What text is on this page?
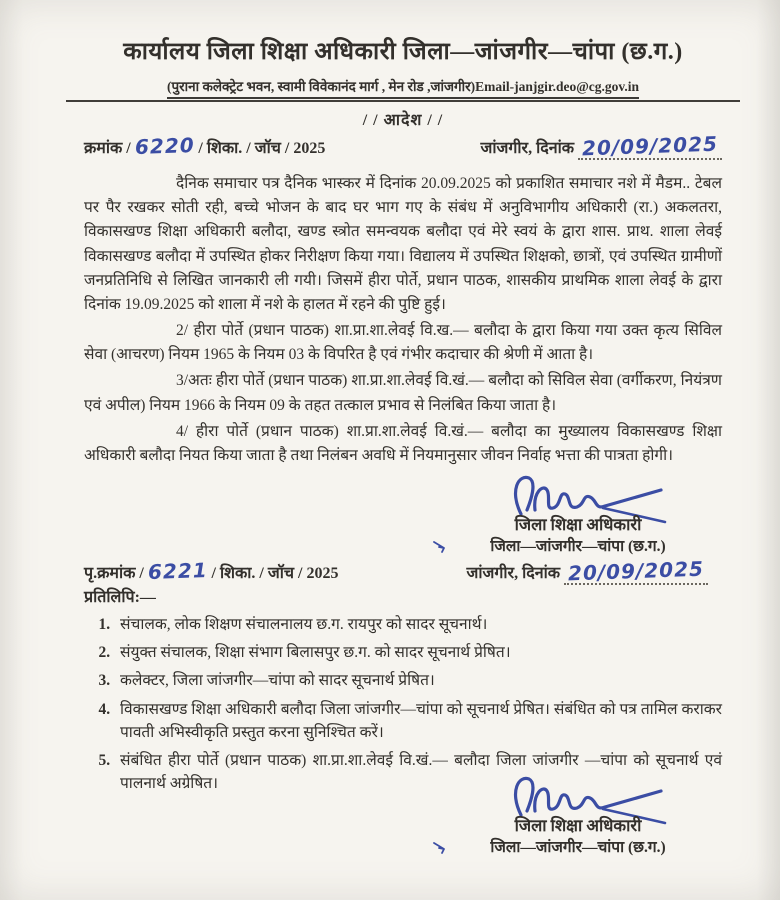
कार्यालय जिला शिक्षा अधिकारी जिला—जांजगीर—चांपा (छ.ग.)
(पुराना कलेक्ट्रेट भवन, स्वामी विवेकानंद मार्ग , मेन रोड ,जांजगीर)Email-janjgir.deo@cg.gov.in
/ / आदेश / /
क्रमांक / 6220 / शिका. / जॉच / 2025	जांजगीर, दिनांक 20/09/2025

दैनिक समाचार पत्र दैनिक भास्कर में दिनांक 20.09.2025 को प्रकाशित समाचार नशे में मैडम.. टेबल पर पैर रखकर सोती रही, बच्चे भोजन के बाद घर भाग गए के संबंध में अनुविभागीय अधिकारी (रा.) अकलतरा, विकासखण्ड शिक्षा अधिकारी बलौदा, खण्ड स्त्रोत समन्वयक बलौदा एवं मेरे स्वयं के द्वारा शास. प्राथ. शाला लेवई विकासखण्ड बलौदा में उपस्थित होकर निरीक्षण किया गया। विद्यालय में उपस्थित शिक्षको, छात्रों, एवं उपस्थित ग्रामीणों जनप्रतिनिधि से लिखित जानकारी ली गयी। जिसमें हीरा पोर्ते, प्रधान पाठक, शासकीय प्राथमिक शाला लेवई के द्वारा दिनांक 19.09.2025 को शाला में नशे के हालत में रहने की पुष्टि हुई।

2/ हीरा पोर्ते (प्रधान पाठक) शा.प्रा.शा.लेवई वि.ख.— बलौदा के द्वारा किया गया उक्त कृत्य सिविल सेवा (आचरण) नियम 1965 के नियम 03 के विपरित है एवं गंभीर कदाचार की श्रेणी में आता है।

3/अतः हीरा पोर्ते (प्रधान पाठक) शा.प्रा.शा.लेवई वि.खं.— बलौदा को सिविल सेवा (वर्गीकरण, नियंत्रण एवं अपील) नियम 1966 के नियम 09 के तहत तत्काल प्रभाव से निलंबित किया जाता है।

4/ हीरा पोर्ते (प्रधान पाठक) शा.प्रा.शा.लेवई वि.खं.— बलौदा का मुख्यालय विकासखण्ड शिक्षा अधिकारी बलौदा नियत किया जाता है तथा निलंबन अवधि में नियमानुसार जीवन निर्वाह भत्ता की पात्रता होगी।

जिला शिक्षा अधिकारी
जिला—जांजगीर—चांपा (छ.ग.)
पृ.क्रमांक / 6221 / शिका. / जॉच / 2025	जांजगीर, दिनांक 20/09/2025
प्रतिलिपि:—
1. संचालक, लोक शिक्षण संचालनालय छ.ग. रायपुर को सादर सूचनार्थ।
2. संयुक्त संचालक, शिक्षा संभाग बिलासपुर छ.ग. को सादर सूचनार्थ प्रेषित।
3. कलेक्टर, जिला जांजगीर—चांपा को सादर सूचनार्थ प्रेषित।
4. विकासखण्ड शिक्षा अधिकारी बलौदा जिला जांजगीर—चांपा को सूचनार्थ प्रेषित। संबंधित को पत्र तामिल कराकर पावती अभिस्वीकृति प्रस्तुत करना सुनिश्चित करें।
5. संबंधित हीरा पोर्ते (प्रधान पाठक) शा.प्रा.शा.लेवई वि.खं.— बलौदा जिला जांजगीर —चांपा को सूचनार्थ एवं पालनार्थ अग्रेषित।
जिला शिक्षा अधिकारी
जिला—जांजगीर—चांपा (छ.ग.)
